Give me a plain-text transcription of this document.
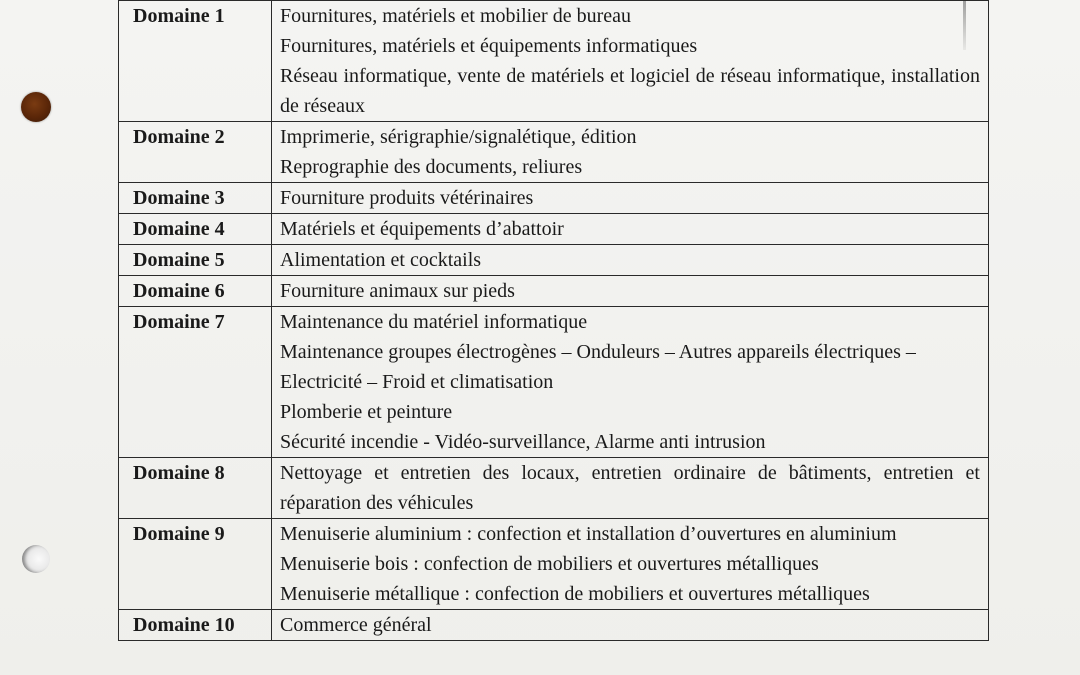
Domaine 1	Fournitures, matériels et mobilier de bureau
Fournitures, matériels et équipements informatiques
Réseau informatique, vente de matériels et logiciel de réseau informatique, installation de réseaux

Domaine 2	Imprimerie, sérigraphie/signalétique, édition
Reprographie des documents, reliures

Domaine 3	Fourniture produits vétérinaires

Domaine 4	Matériels et équipements d’abattoir

Domaine 5	Alimentation et cocktails

Domaine 6	Fourniture animaux sur pieds

Domaine 7	Maintenance du matériel informatique
Maintenance groupes électrogènes – Onduleurs – Autres appareils électriques – Electricité – Froid et climatisation
Plomberie et peinture
Sécurité incendie - Vidéo-surveillance, Alarme anti intrusion

Domaine 8	Nettoyage et entretien des locaux, entretien ordinaire de bâtiments, entretien et réparation des véhicules

Domaine 9	Menuiserie aluminium : confection et installation d’ouvertures en aluminium
Menuiserie bois : confection de mobiliers et ouvertures métalliques
Menuiserie métallique : confection de mobiliers et ouvertures métalliques

Domaine 10	Commerce général
